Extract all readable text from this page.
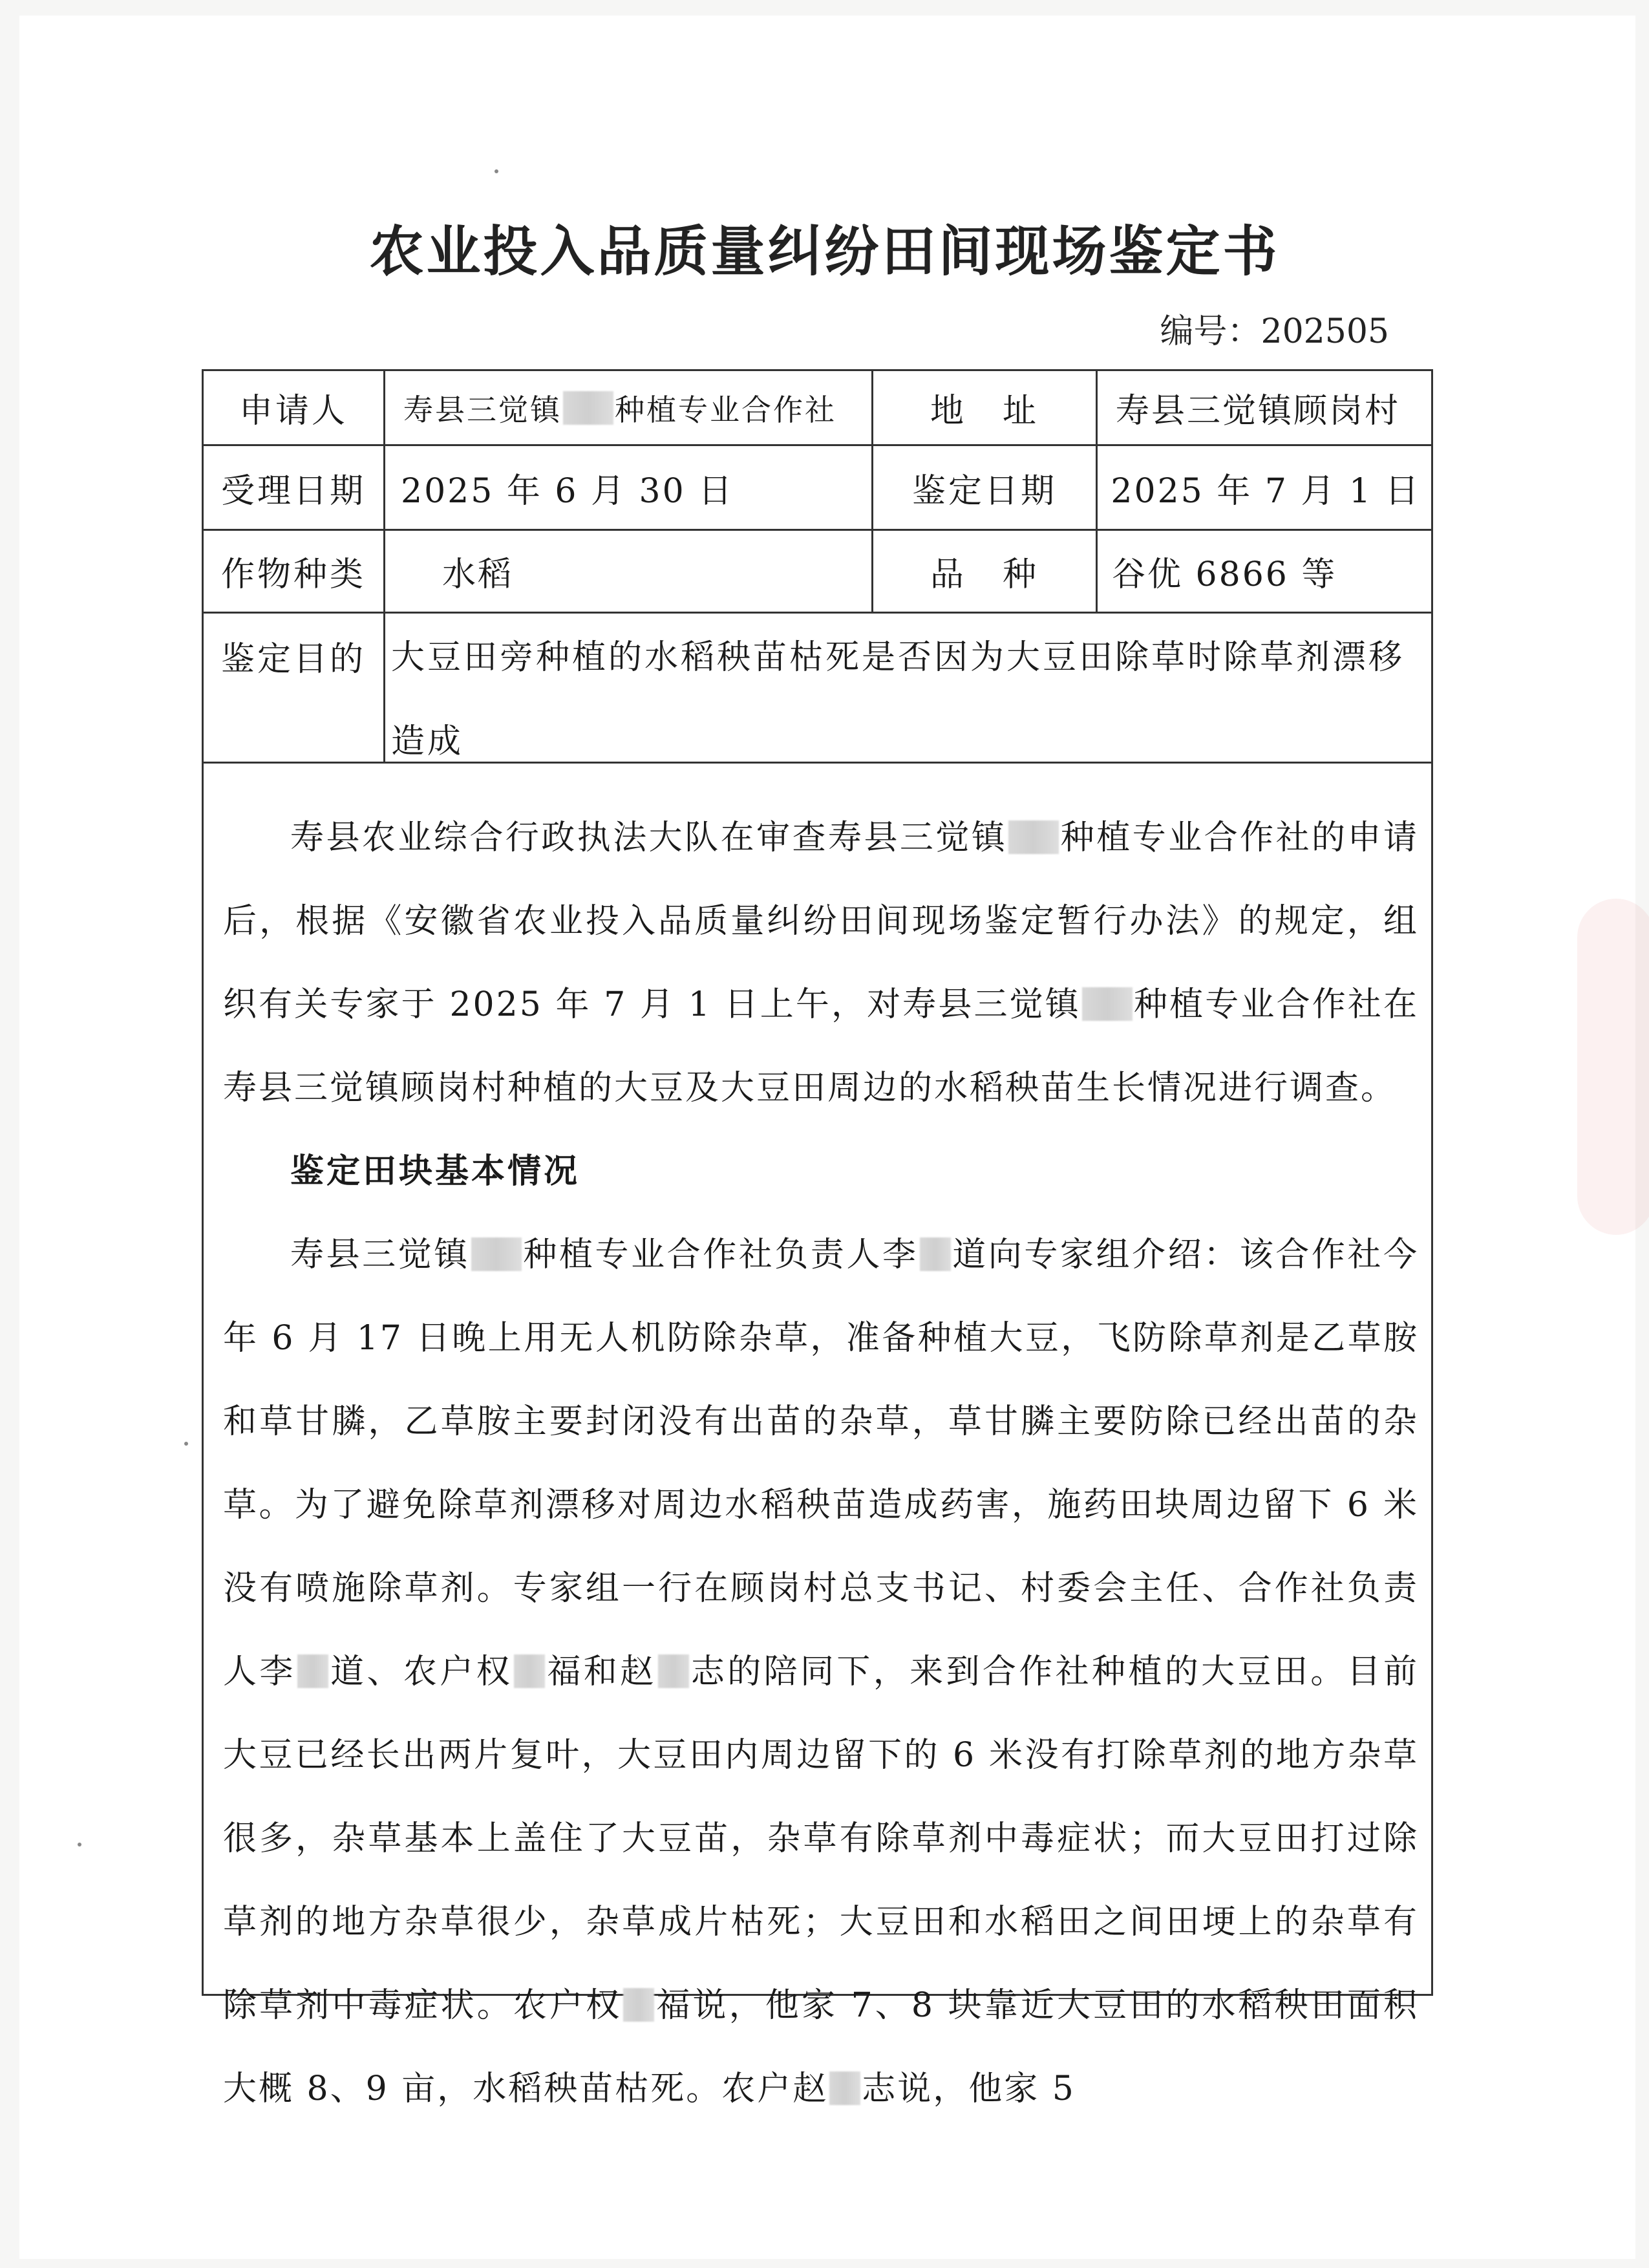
农业投入品质量纠纷田间现场鉴定书
编号：202505
申请人	寿县三觉镇 种植专业合作社	地　址	寿县三觉镇顾岗村
受理日期	2025 年 6 月 30 日	鉴定日期	2025 年 7 月 1 日
作物种类	水稻	品　种	谷优 6866 等
鉴定目的 大豆田旁种植的水稻秧苗枯死是否因为大豆田除草时除草剂漂移造成

寿县农业综合行政执法大队在审查寿县三觉镇 种植专业合作社的申请后，根据《安徽省农业投入品质量纠纷田间现场鉴定暂行办法》的规定，组织有关专家于 2025 年 7 月 1 日上午，对寿县三觉镇 种植专业合作社在寿县三觉镇顾岗村种植的大豆及大豆田周边的水稻秧苗生长情况进行调查。

鉴定田块基本情况

寿县三觉镇 种植专业合作社负责人李 道向专家组介绍：该合作社今年 6 月 17 日晚上用无人机防除杂草，准备种植大豆，飞防除草剂是乙草胺和草甘膦，乙草胺主要封闭没有出苗的杂草，草甘膦主要防除已经出苗的杂草。为了避免除草剂漂移对周边水稻秧苗造成药害，施药田块周边留下 6 米没有喷施除草剂。专家组一行在顾岗村总支书记、村委会主任、合作社负责人李 道、农户权 福和赵 志的陪同下，来到合作社种植的大豆田。目前大豆已经长出两片复叶，大豆田内周边留下的 6 米没有打除草剂的地方杂草很多，杂草基本上盖住了大豆苗，杂草有除草剂中毒症状；而大豆田打过除草剂的地方杂草很少，杂草成片枯死；大豆田和水稻田之间田埂上的杂草有除草剂中毒症状。农户权 福说，他家 7、8 块靠近大豆田的水稻秧田面积大概 8、9 亩，水稻秧苗枯死。农户赵 志说，他家 5
